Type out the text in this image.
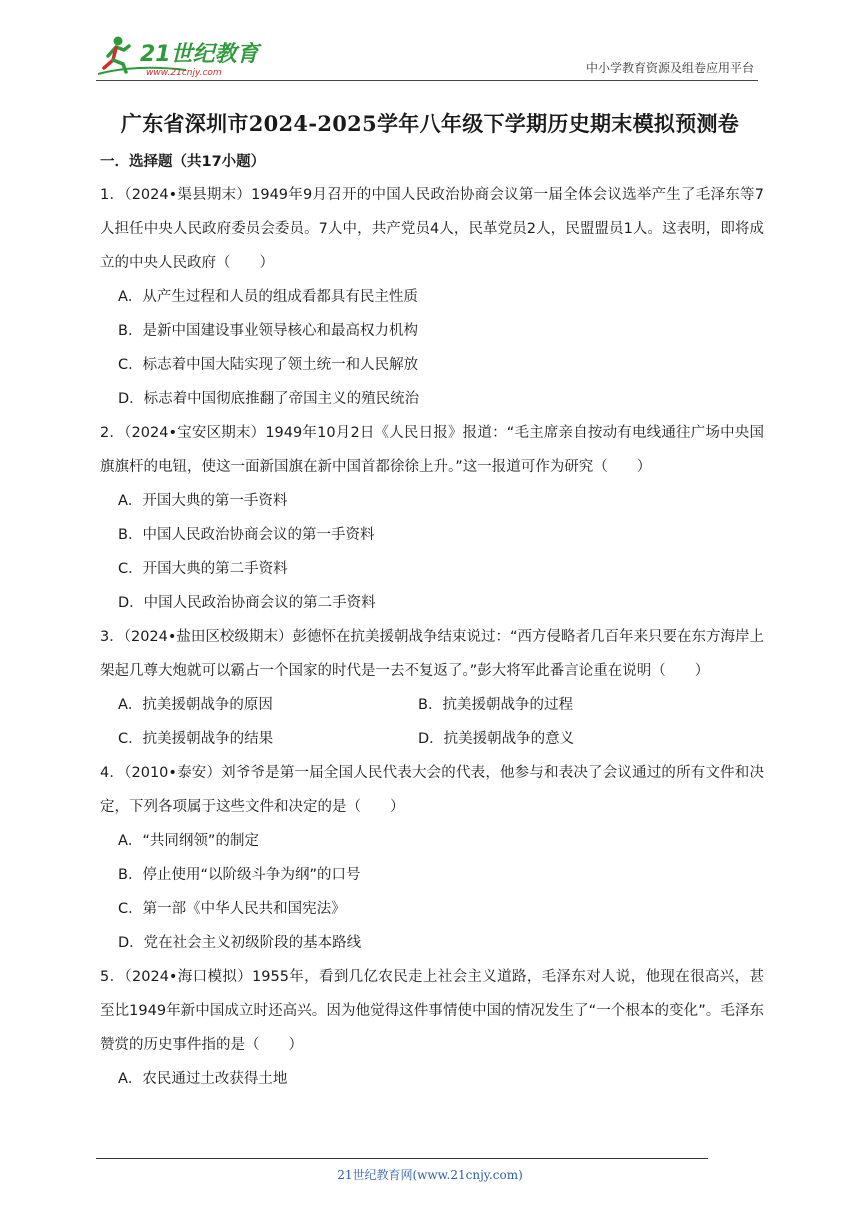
21世纪教育
www.21cnjy.com	中小学教育资源及组卷应用平台
广东省深圳市2024-2025学年八年级下学期历史期末模拟预测卷
一．选择题（共17小题）

1．（2024•渠县期末）1949年9月召开的中国人民政治协商会议第一届全体会议选举产生了毛泽东等7人担任中央人民政府委员会委员。7人中，共产党员4人，民革党员2人，民盟盟员1人。这表明，即将成立的中央人民政府（　　）

A．从产生过程和人员的组成看都具有民主性质

B．是新中国建设事业领导核心和最高权力机构

C．标志着中国大陆实现了领土统一和人民解放

D．标志着中国彻底推翻了帝国主义的殖民统治

2．（2024•宝安区期末）1949年10月2日《人民日报》报道：“毛主席亲自按动有电线通往广场中央国旗旗杆的电钮，使这一面新国旗在新中国首都徐徐上升。”这一报道可作为研究（　　）

A．开国大典的第一手资料

B．中国人民政治协商会议的第一手资料

C．开国大典的第二手资料

D．中国人民政治协商会议的第二手资料

3．（2024•盐田区校级期末）彭德怀在抗美援朝战争结束说过：“西方侵略者几百年来只要在东方海岸上架起几尊大炮就可以霸占一个国家的时代是一去不复返了。”彭大将军此番言论重在说明（　　）

A．抗美援朝战争的原因	B．抗美援朝战争的过程

C．抗美援朝战争的结果	D．抗美援朝战争的意义

4．（2010•泰安）刘爷爷是第一届全国人民代表大会的代表，他参与和表决了会议通过的所有文件和决定，下列各项属于这些文件和决定的是（　　）

A．“共同纲领”的制定

B．停止使用“以阶级斗争为纲”的口号

C．第一部《中华人民共和国宪法》

D．党在社会主义初级阶段的基本路线

5．（2024•海口模拟）1955年，看到几亿农民走上社会主义道路，毛泽东对人说，他现在很高兴，甚至比1949年新中国成立时还高兴。因为他觉得这件事情使中国的情况发生了“一个根本的变化”。毛泽东赞赏的历史事件指的是（　　）

A．农民通过土改获得土地

21世纪教育网(www.21cnjy.com)
